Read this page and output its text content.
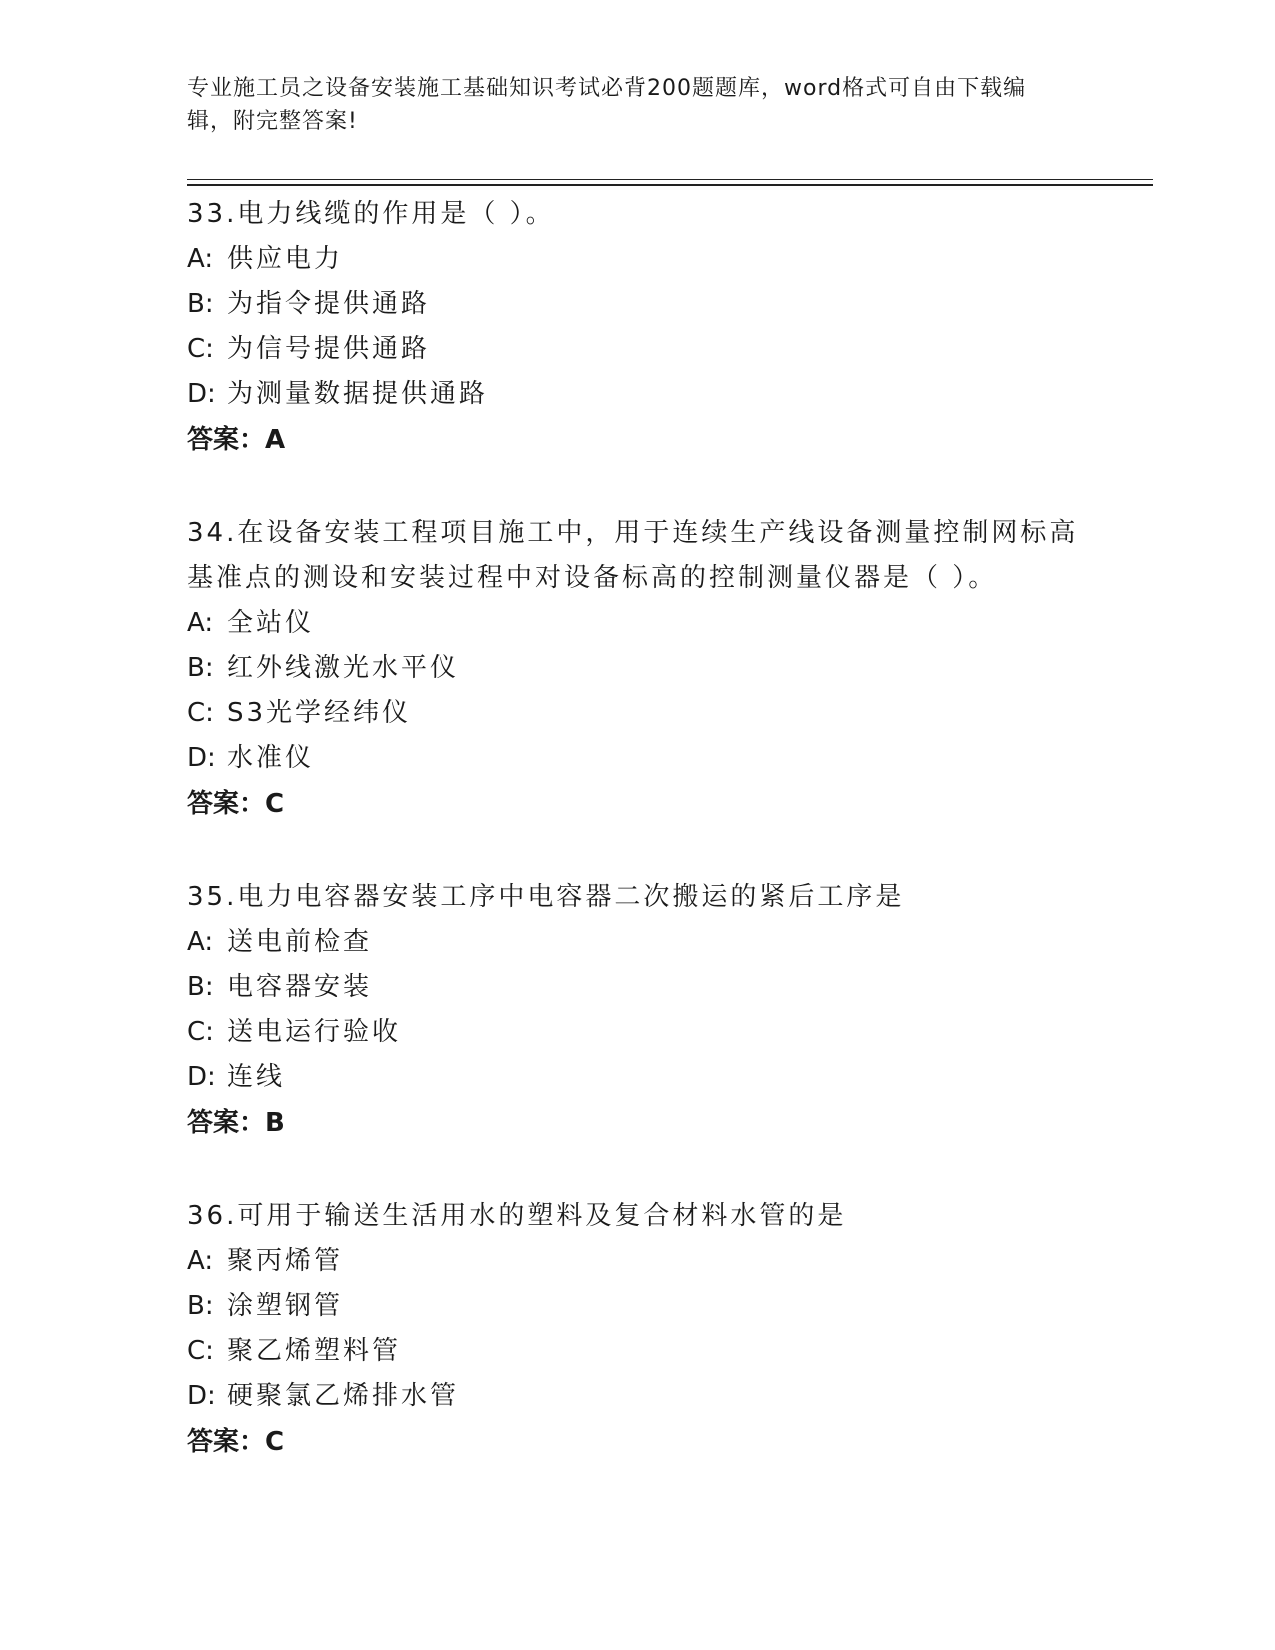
专业施工员之设备安装施工基础知识考试必背200题题库，word格式可自由下载编辑，附完整答案!
33.电力线缆的作用是（ ）。
A: 供应电力
B: 为指令提供通路
C: 为信号提供通路
D: 为测量数据提供通路
答案：A
34.在设备安装工程项目施工中，用于连续生产线设备测量控制网标高基准点的测设和安装过程中对设备标高的控制测量仪器是（ ）。
A: 全站仪
B: 红外线激光水平仪
C: S3光学经纬仪
D: 水准仪
答案：C
35.电力电容器安装工序中电容器二次搬运的紧后工序是
A: 送电前检查
B: 电容器安装
C: 送电运行验收
D: 连线
答案：B
36.可用于输送生活用水的塑料及复合材料水管的是
A: 聚丙烯管
B: 涂塑钢管
C: 聚乙烯塑料管
D: 硬聚氯乙烯排水管
答案：C
